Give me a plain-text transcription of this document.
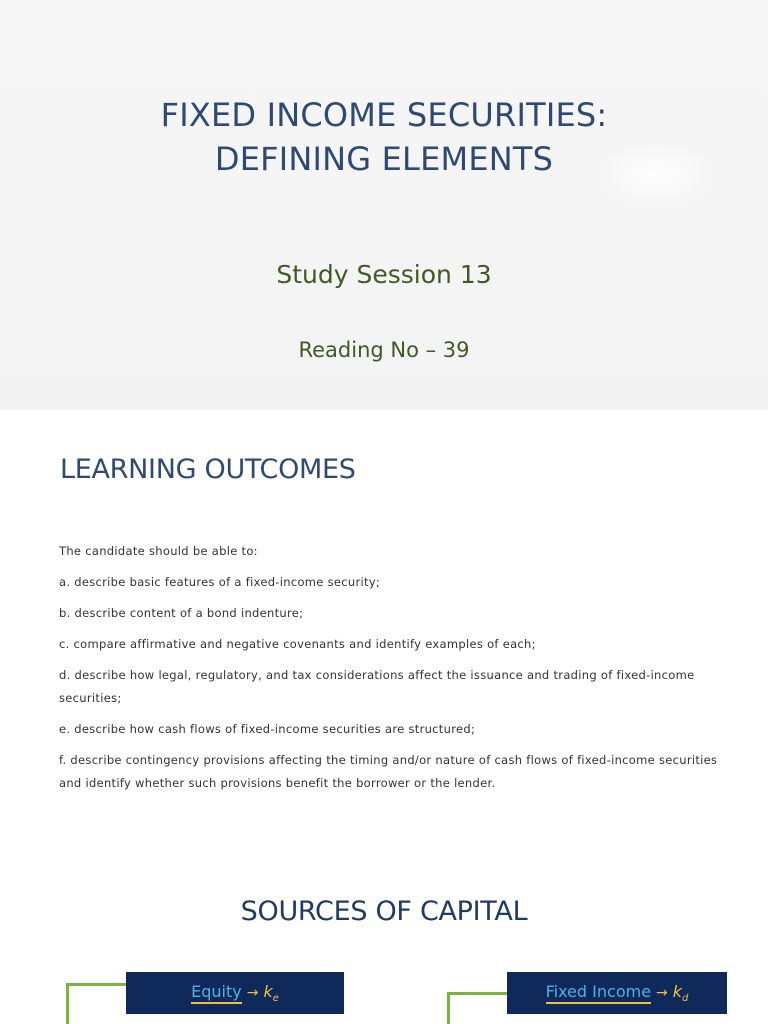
FIXED INCOME SECURITIES:
DEFINING ELEMENTS
Study Session 13
Reading No – 39
LEARNING OUTCOMES

The candidate should be able to:

a. describe basic features of a fixed-income security;

b. describe content of a bond indenture;

c. compare affirmative and negative covenants and identify examples of each;

d. describe how legal, regulatory, and tax considerations affect the issuance and trading of fixed-income securities;

e. describe how cash flows of fixed-income securities are structured;

f. describe contingency provisions affecting the timing and/or nature of cash flows of fixed-income securities and identify whether such provisions benefit the borrower or the lender.

SOURCES OF CAPITAL
Equity → $k_e$	Fixed Income → $k_d$
